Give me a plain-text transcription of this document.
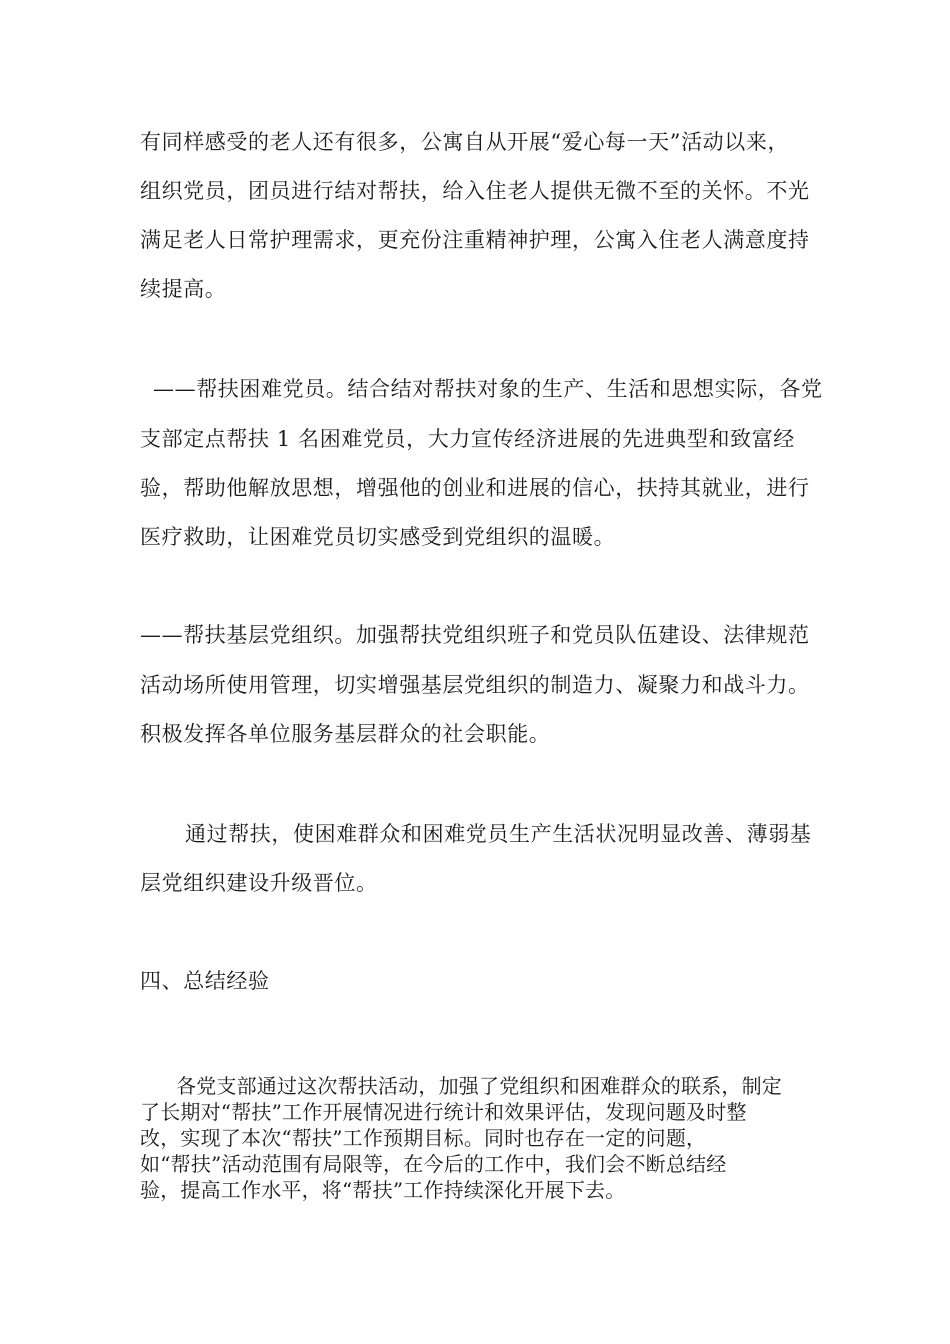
有同样感受的老人还有很多，公寓自从开展“爱心每一天”活动以来，
组织党员，团员进行结对帮扶，给入住老人提供无微不至的关怀。不光
满足老人日常护理需求，更充份注重精神护理，公寓入住老人满意度持
续提高。
——帮扶困难党员。结合结对帮扶对象的生产、生活和思想实际，各党
支部定点帮扶 1 名困难党员，大力宣传经济进展的先进典型和致富经
验，帮助他解放思想，增强他的创业和进展的信心，扶持其就业，进行
医疗救助，让困难党员切实感受到党组织的温暖。
——帮扶基层党组织。加强帮扶党组织班子和党员队伍建设、法律规范
活动场所使用管理，切实增强基层党组织的制造力、凝聚力和战斗力。
积极发挥各单位服务基层群众的社会职能。
通过帮扶，使困难群众和困难党员生产生活状况明显改善、薄弱基
层党组织建设升级晋位。
四、总结经验
各党支部通过这次帮扶活动，加强了党组织和困难群众的联系，制定
了长期对“帮扶”工作开展情况进行统计和效果评估，发现问题及时整
改，实现了本次“帮扶”工作预期目标。同时也存在一定的问题，
如“帮扶”活动范围有局限等，在今后的工作中，我们会不断总结经
验，提高工作水平，将“帮扶”工作持续深化开展下去。
